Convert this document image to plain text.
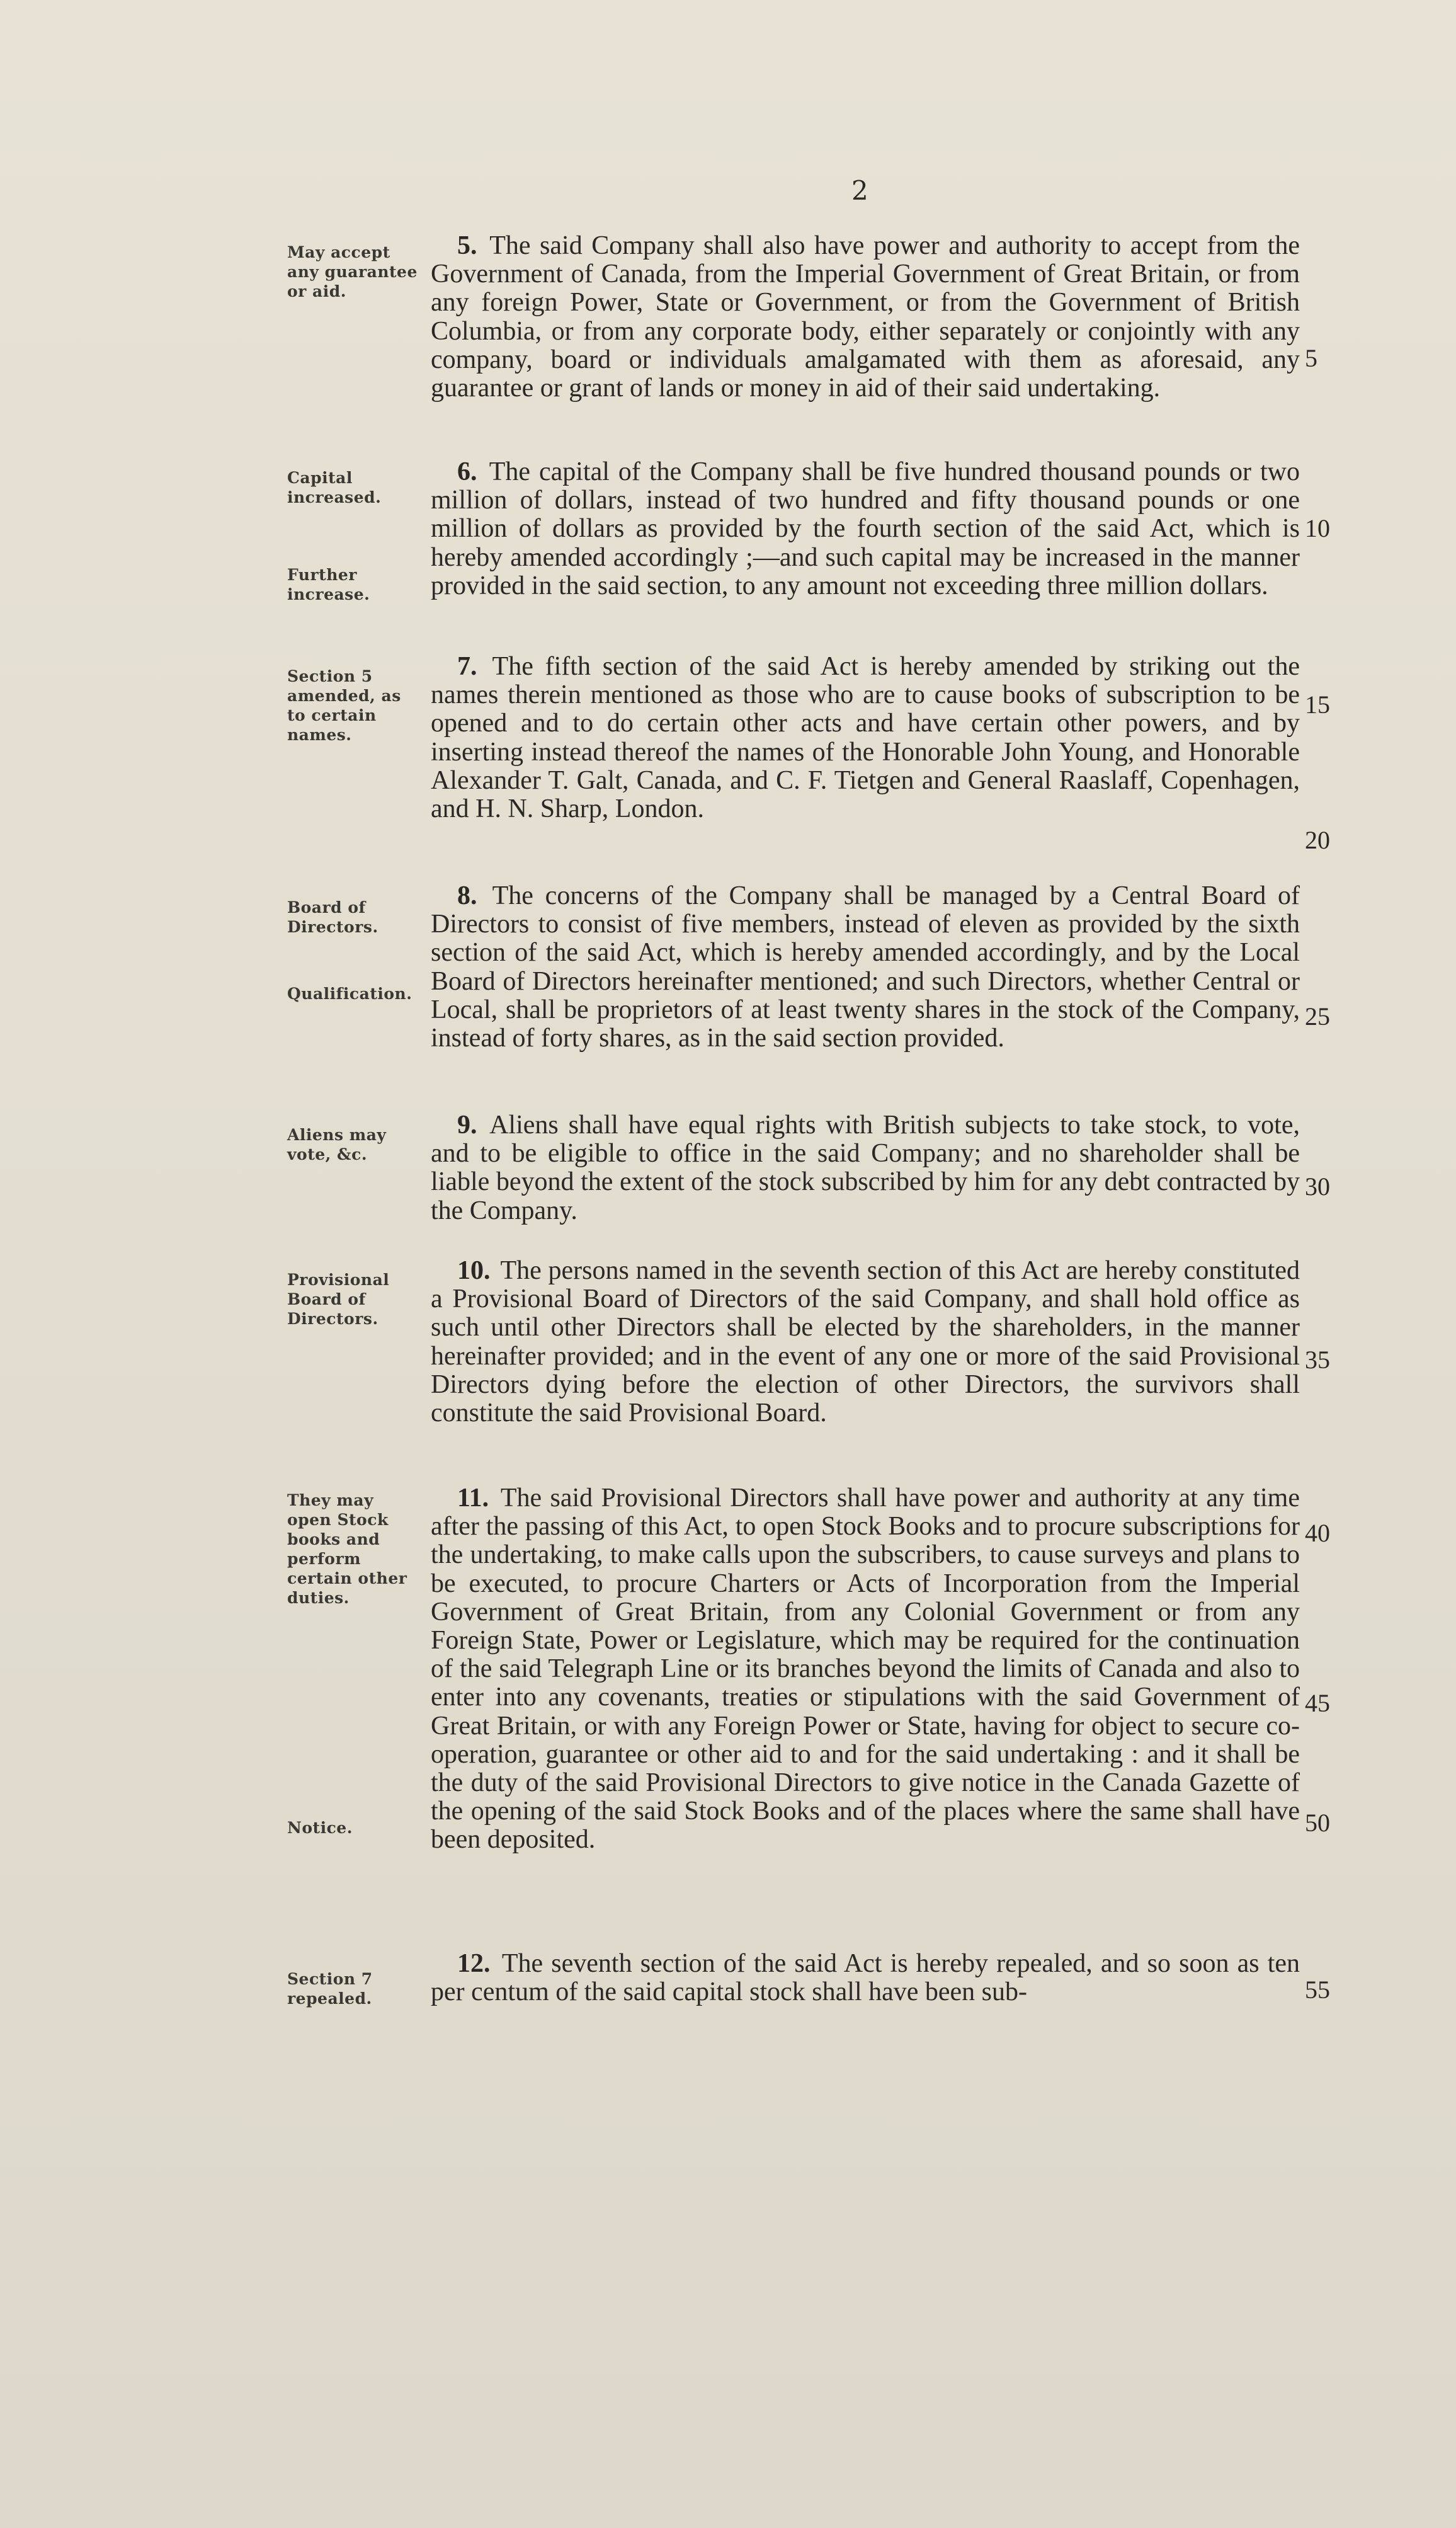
2
May accept any guarantee or aid.
Capital increased.
Further increase.
Section 5 amended, as to certain names.
Board of Directors.
Qualification.
Aliens may vote, &c.
Provisional Board of Directors.
They may open Stock books and perform certain other duties.
Notice.
Section 7 repealed.
5. The said Company shall also have power and authority to accept from the Government of Canada, from the Imperial Government of Great Britain, or from any foreign Power, State or Government, or from the Government of British Columbia, or from any corporate body, either separately or conjointly with any company, board or individuals amalgamated with them as aforesaid, any guarantee or grant of lands or money in aid of their said undertaking.
6. The capital of the Company shall be five hundred thousand pounds or two million of dollars, instead of two hundred and fifty thousand pounds or one million of dollars as provided by the fourth section of the said Act, which is hereby amended accordingly ;—and such capital may be increased in the manner provided in the said section, to any amount not exceeding three million dollars.
7. The fifth section of the said Act is hereby amended by striking out the names therein mentioned as those who are to cause books of subscription to be opened and to do certain other acts and have certain other powers, and by inserting instead thereof the names of the Honorable John Young, and Honorable Alexander T. Galt, Canada, and C. F. Tietgen and General Raaslaff, Copenhagen, and H. N. Sharp, London.
8. The concerns of the Company shall be managed by a Central Board of Directors to consist of five members, instead of eleven as provided by the sixth section of the said Act, which is hereby amended accordingly, and by the Local Board of Directors hereinafter mentioned; and such Directors, whether Central or Local, shall be proprietors of at least twenty shares in the stock of the Company, instead of forty shares, as in the said section provided.
9. Aliens shall have equal rights with British subjects to take stock, to vote, and to be eligible to office in the said Company; and no shareholder shall be liable beyond the extent of the stock subscribed by him for any debt contracted by the Company.
10. The persons named in the seventh section of this Act are hereby constituted a Provisional Board of Directors of the said Company, and shall hold office as such until other Directors shall be elected by the shareholders, in the manner hereinafter provided; and in the event of any one or more of the said Provisional Directors dying before the election of other Directors, the survivors shall constitute the said Provisional Board.
11. The said Provisional Directors shall have power and authority at any time after the passing of this Act, to open Stock Books and to procure subscriptions for the undertaking, to make calls upon the subscribers, to cause surveys and plans to be executed, to procure Charters or Acts of Incorporation from the Imperial Government of Great Britain, from any Colonial Government or from any Foreign State, Power or Legislature, which may be required for the continuation of the said Telegraph Line or its branches beyond the limits of Canada and also to enter into any covenants, treaties or stipulations with the said Government of Great Britain, or with any Foreign Power or State, having for object to secure co-operation, guarantee or other aid to and for the said undertaking : and it shall be the duty of the said Provisional Directors to give notice in the Canada Gazette of the opening of the said Stock Books and of the places where the same shall have been deposited.
12. The seventh section of the said Act is hereby repealed, and so soon as ten per centum of the said capital stock shall have been sub-
5
10
15
20
25
30
35
40
45
50
55
